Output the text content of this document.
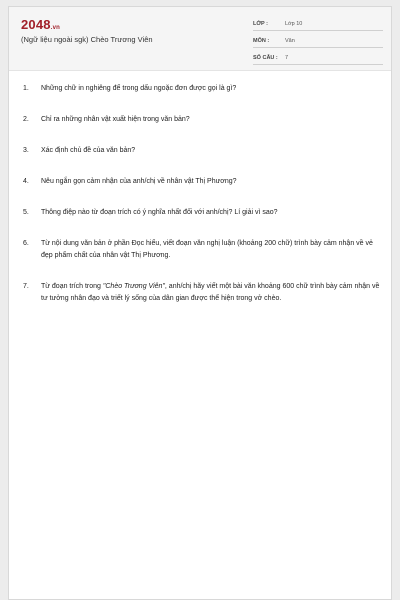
2048.vn
(Ngữ liệu ngoài sgk) Chèo Trương Viên
LỚP :	Lớp 10
MÔN :	Văn
SỐ CÂU :	7
1.	Những chữ in nghiêng để trong dấu ngoặc đơn được gọi là gì?
2.	Chỉ ra những nhân vật xuất hiện trong văn bản?
3.	Xác định chủ đề của văn bản?
4.	Nêu ngắn gọn cảm nhận của anh/chị về nhân vật Thị Phương?
5.	Thông điệp nào từ đoạn trích có ý nghĩa nhất đối với anh/chị? Lí giải vì sao?
6.	Từ nội dung văn bản ở phần Đọc hiểu, viết đoạn văn nghị luận (khoảng 200 chữ) trình bày cảm nhận về vẻ đẹp phẩm chất của nhân vật Thị Phương.
7.	Từ đoạn trích trong "Chèo Trương Viên", anh/chị hãy viết một bài văn khoảng 600 chữ trình bày cảm nhận về tư tưởng nhân đạo và triết lý sống của dân gian được thể hiện trong vở chèo.
